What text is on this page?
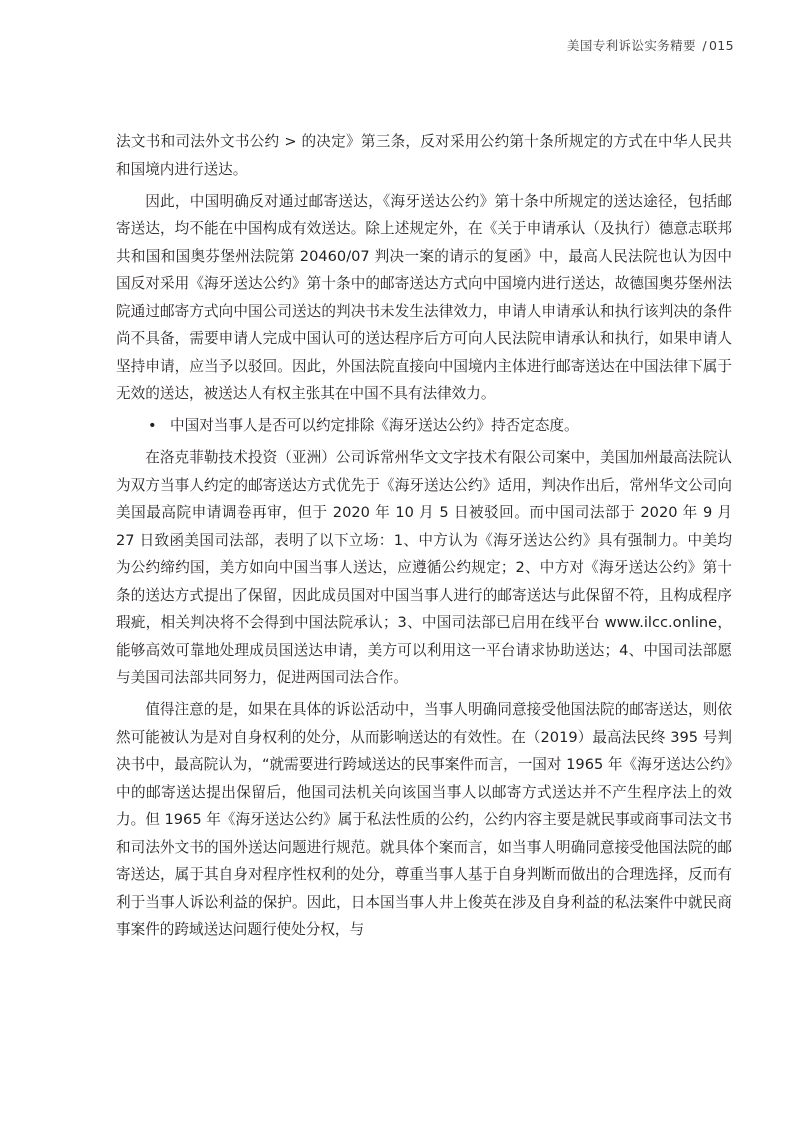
美国专利诉讼实务精要 / 015

法文书和司法外文书公约 > 的决定》第三条，反对采用公约第十条所规定的方式在中华人民共和国境内进行送达。

因此，中国明确反对通过邮寄送达，《海牙送达公约》第十条中所规定的送达途径，包括邮寄送达，均不能在中国构成有效送达。除上述规定外，在《关于申请承认（及执行）德意志联邦共和国和国奥芬堡州法院第 20460/07 判决一案的请示的复函》中，最高人民法院也认为因中国反对采用《海牙送达公约》第十条中的邮寄送达方式向中国境内进行送达，故德国奥芬堡州法院通过邮寄方式向中国公司送达的判决书未发生法律效力，申请人申请承认和执行该判决的条件尚不具备，需要申请人完成中国认可的送达程序后方可向人民法院申请承认和执行，如果申请人坚持申请，应当予以驳回。因此，外国法院直接向中国境内主体进行邮寄送达在中国法律下属于无效的送达，被送达人有权主张其在中国不具有法律效力。

• 中国对当事人是否可以约定排除《海牙送达公约》持否定态度。

在洛克菲勒技术投资（亚洲）公司诉常州华文文字技术有限公司案中，美国加州最高法院认为双方当事人约定的邮寄送达方式优先于《海牙送达公约》适用，判决作出后，常州华文公司向美国最高院申请调卷再审，但于 2020 年 10 月 5 日被驳回。而中国司法部于 2020 年 9 月 27 日致函美国司法部，表明了以下立场：1、中方认为《海牙送达公约》具有强制力。中美均为公约缔约国，美方如向中国当事人送达，应遵循公约规定；2、中方对《海牙送达公约》第十条的送达方式提出了保留，因此成员国对中国当事人进行的邮寄送达与此保留不符，且构成程序瑕疵，相关判决将不会得到中国法院承认；3、中国司法部已启用在线平台 www.ilcc.online，能够高效可靠地处理成员国送达申请，美方可以利用这一平台请求协助送达；4、中国司法部愿与美国司法部共同努力，促进两国司法合作。

值得注意的是，如果在具体的诉讼活动中，当事人明确同意接受他国法院的邮寄送达，则依然可能被认为是对自身权利的处分，从而影响送达的有效性。在（2019）最高法民终 395 号判决书中，最高院认为，“就需要进行跨域送达的民事案件而言，一国对 1965 年《海牙送达公约》中的邮寄送达提出保留后，他国司法机关向该国当事人以邮寄方式送达并不产生程序法上的效力。但 1965 年《海牙送达公约》属于私法性质的公约，公约内容主要是就民事或商事司法文书和司法外文书的国外送达问题进行规范。就具体个案而言，如当事人明确同意接受他国法院的邮寄送达，属于其自身对程序性权利的处分，尊重当事人基于自身判断而做出的合理选择，反而有利于当事人诉讼利益的保护。因此，日本国当事人井上俊英在涉及自身利益的私法案件中就民商事案件的跨域送达问题行使处分权，与
